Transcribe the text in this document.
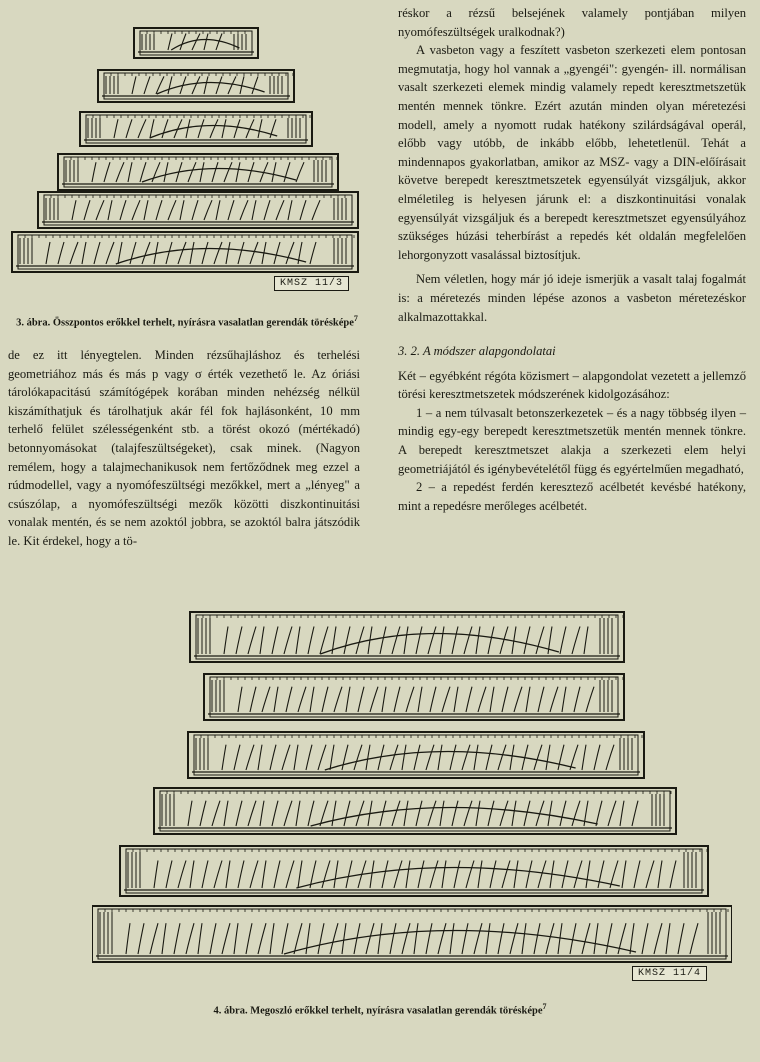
KMSZ 11/3
3. ábra. Összpontos erőkkel terhelt, nyírásra vasalatlan gerendák törésképe$^7$

de ez itt lényegtelen. Minden rézsűhajláshoz és terhelési geometriához más és más p vagy σ érték vezethető le. Az óriási tárolókapacitású számítógépek korában minden nehézség nélkül kiszámíthatjuk és tárolhatjuk akár fél fok hajlásonként, 10 mm terhelő felület szélességenként stb. a törést okozó (mértékadó) betonnyomásokat (talajfeszültségeket), csak minek. (Nagyon remélem, hogy a talajmechanikusok nem fertőződnek meg ezzel a rúdmodellel, vagy a nyomófeszültségi mezőkkel, mert a „lényeg" a csúszólap, a nyomófeszültségi mezők közötti diszkontinuitási vonalak mentén, és se nem azoktól jobbra, se azoktól balra játszódik le. Kit érdekel, hogy a tö-

réskor a rézsű belsejének valamely pontjában milyen nyomófeszültségek uralkodnak?)

A vasbeton vagy a feszített vasbeton szerkezeti elem pontosan megmutatja, hogy hol vannak a „gyengéi": gyengén- ill. normálisan vasalt szerkezeti elemek mindig valamely repedt keresztmetszetük mentén mennek tönkre. Ezért azután minden olyan méretezési modell, amely a nyomott rudak hatékony szilárdságával operál, előbb vagy utóbb, de inkább előbb, lehetetlenül. Tehát a mindennapos gyakorlatban, amikor az MSZ- vagy a DIN-előírásait követve berepedt keresztmetszetek egyensúlyát vizsgáljuk, akkor elméletileg is helyesen járunk el: a diszkontinuitási vonalak egyensúlyát vizsgáljuk és a berepedt keresztmetszet egyensúlyához szükséges húzási teherbírást a repedés két oldalán megfelelően lehorgonyzott vasalással biztosítjuk.

Nem véletlen, hogy már jó ideje ismerjük a vasalt talaj fogalmát is: a méretezés minden lépése azonos a vasbeton méretezéskor alkalmazottakkal.

3. 2. A módszer alapgondolatai

Két – egyébként régóta közismert – alapgondolat vezetett a jellemző törési keresztmetszetek módszerének kidolgozásához:

1 – a nem túlvasalt betonszerkezetek – és a nagy többség ilyen – mindig egy-egy berepedt keresztmetszetük mentén mennek tönkre. A berepedt keresztmetszet alakja a szerkezeti elem helyi geometriájától és igénybevételétől függ és egyértelműen megadható,

2 – a repedést ferdén keresztező acélbetét kevésbé hatékony, mint a repedésre merőleges acélbetét.

KMSZ 11/4
4. ábra. Megoszló erőkkel terhelt, nyírásra vasalatlan gerendák törésképe$^7$
